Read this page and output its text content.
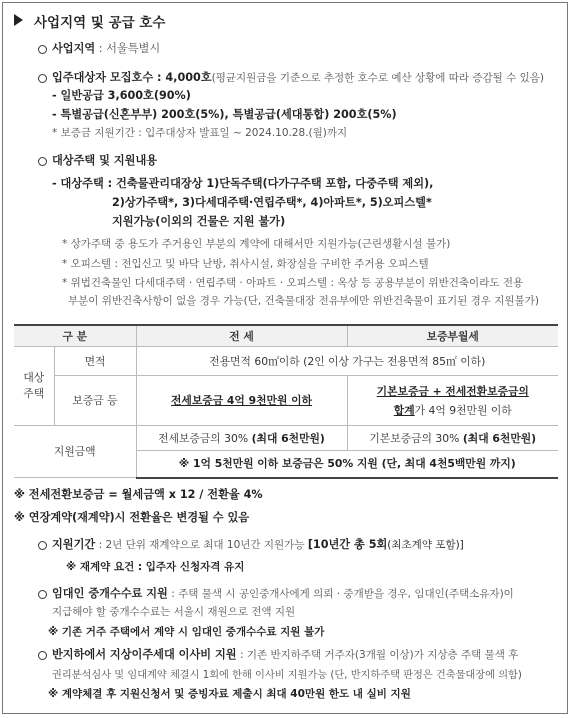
사업지역 및 공급 호수
사업지역 : 서울특별시
입주대상자 모집호수 : 4,000호(평균지원금을 기준으로 추정한 호수로 예산 상황에 따라 증감될 수 있음)
- 일반공급 3,600호(90%)
- 특별공급(신혼부부) 200호(5%), 특별공급(세대통합) 200호(5%)
* 보증금 지원기간 : 입주대상자 발표일 ~ 2024.10.28.(월)까지
대상주택 및 지원내용
- 대상주택 : 건축물관리대장상 1)단독주택(다가구주택 포함, 다중주택 제외),
2)상가주택*, 3)다세대주택·연립주택*, 4)아파트*, 5)오피스텔*
지원가능(이외의 건물은 지원 불가)
* 상가주택 중 용도가 주거용인 부분의 계약에 대해서만 지원가능(근린생활시설 불가)
* 오피스텔 : 전입신고 및 바닥 난방, 취사시설, 화장실을 구비한 주거용 오피스텔
* 위법건축물인 다세대주택 · 연립주택 · 아파트 · 오피스텔 : 옥상 등 공용부분이 위반건축이라도 전용
부분이 위반건축사항이 없을 경우 가능(단, 건축물대장 전유부에만 위반건축물이 표기된 경우 지원불가)
구 분		전 세	보증부월세
대상
주택	면적	전용면적 60㎡이하 (2인 이상 가구는 전용면적 85㎡ 이하)	
	보증금 등	전세보증금 4억 9천만원 이하	기본보증금 + 전세전환보증금의
합계가 4억 9천만원 이하

지원금액		전세보증금의 30% (최대 6천만원)	기본보증금의 30% (최대 6천만원)
		※ 1억 5천만원 이하 보증금은 50% 지원 (단, 최대 4천5백만원 까지)	
※ 전세전환보증금 = 월세금액 x 12 / 전환율 4%
※ 연장계약(재계약)시 전환율은 변경될 수 있음
지원기간 : 2년 단위 재계약으로 최대 10년간 지원가능 [10년간 총 5회(최초계약 포함)]
※ 재계약 요건 : 입주자 신청자격 유지
임대인 중개수수료 지원 : 주택 물색 시 공인중개사에게 의뢰 · 중개받을 경우, 임대인(주택소유자)이
지급해야 할 중개수수료는 서울시 재원으로 전액 지원
※ 기존 거주 주택에서 계약 시 임대인 중개수수료 지원 불가
반지하에서 지상이주세대 이사비 지원 : 기존 반지하주택 거주자(3개월 이상)가 지상층 주택 물색 후
권리분석심사 및 임대계약 체결시 1회에 한해 이사비 지원가능 (단, 반지하주택 판정은 건축물대장에 의함)
※ 계약체결 후 지원신청서 및 증빙자료 제출시 최대 40만원 한도 내 실비 지원
